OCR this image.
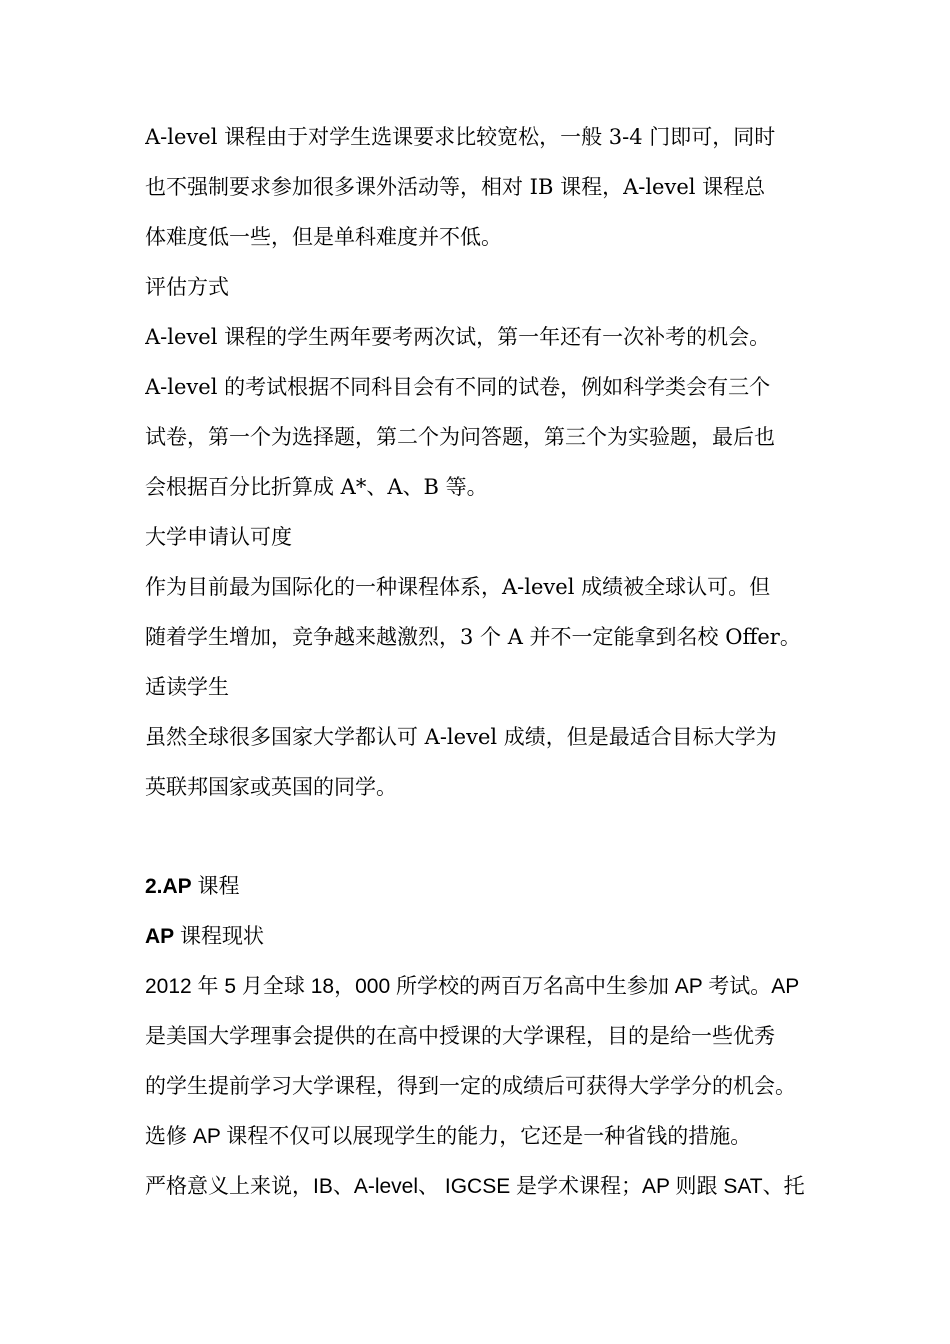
A-level 课程由于对学生选课要求比较宽松，一般 3-4 门即可，同时
也不强制要求参加很多课外活动等，相对 IB 课程，A-level 课程总
体难度低一些，但是单科难度并不低。
评估方式
A-level 课程的学生两年要考两次试，第一年还有一次补考的机会。
A-level 的考试根据不同科目会有不同的试卷，例如科学类会有三个
试卷，第一个为选择题，第二个为问答题，第三个为实验题，最后也
会根据百分比折算成 A*、A、B 等。
大学申请认可度
作为目前最为国际化的一种课程体系，A-level 成绩被全球认可。但
随着学生增加，竞争越来越激烈，3 个 A 并不一定能拿到名校 Offer。
适读学生
虽然全球很多国家大学都认可 A-level 成绩，但是最适合目标大学为
英联邦国家或英国的同学。
2.AP 课程
AP 课程现状
2012 年 5 月全球 18，000 所学校的两百万名高中生参加 AP 考试。AP
是美国大学理事会提供的在高中授课的大学课程，目的是给一些优秀
的学生提前学习大学课程，得到一定的成绩后可获得大学学分的机会。
选修 AP 课程不仅可以展现学生的能力，它还是一种省钱的措施。
严格意义上来说，IB、A-level、 IGCSE 是学术课程；AP 则跟 SAT、托
